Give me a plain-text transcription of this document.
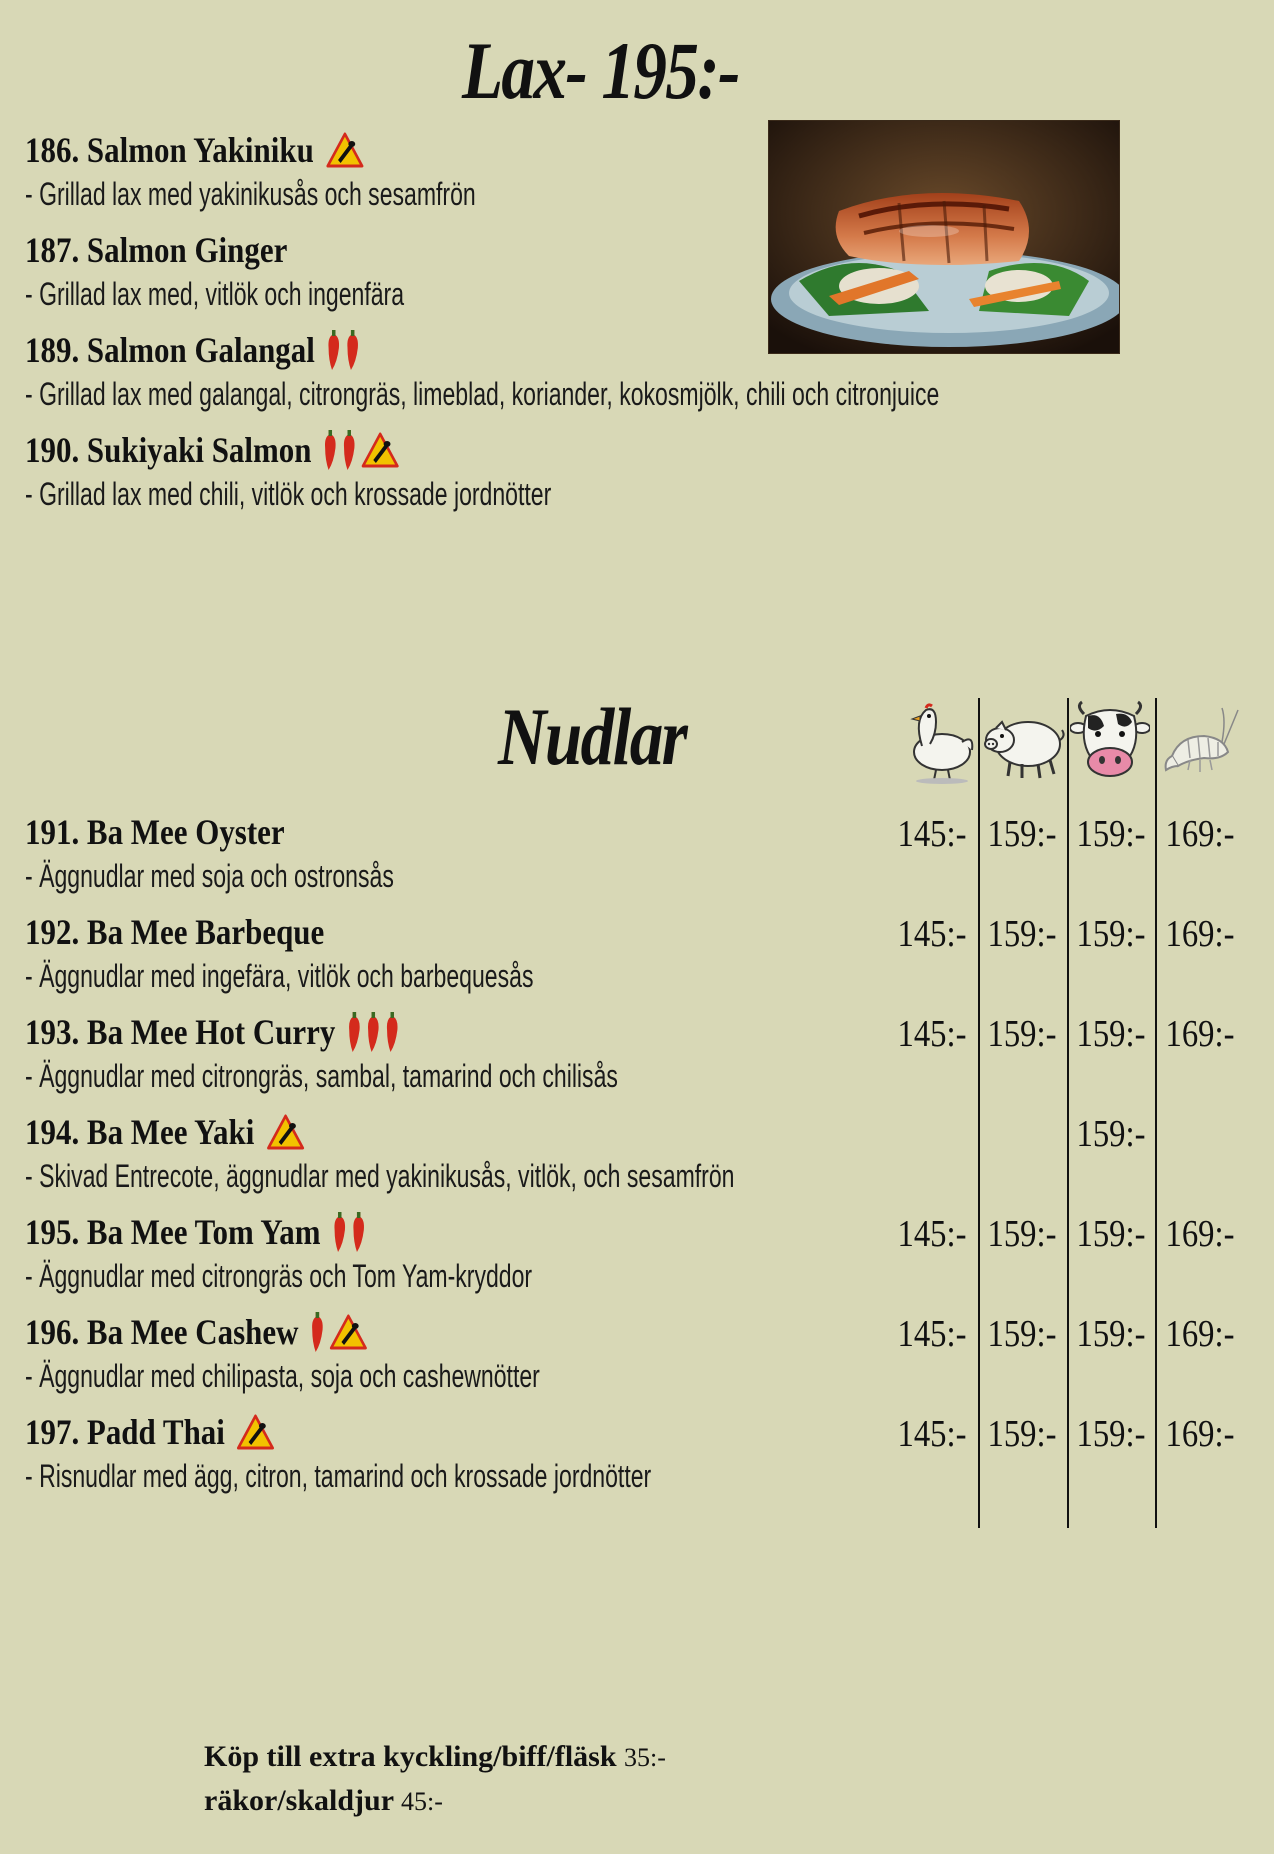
Lax- 195:-
186. Salmon Yakiniku
- Grillad lax med yakinikusås och sesamfrön
187. Salmon Ginger
- Grillad lax med, vitlök och ingenfära
189. Salmon Galangal
- Grillad lax med galangal, citrongräs, limeblad, koriander, kokosmjölk, chili och citronjuice
190. Sukiyaki Salmon
- Grillad lax med chili, vitlök och krossade jordnötter
Nudlar
191. Ba Mee Oyster
- Äggnudlar med soja och ostronsås
145:- 159:- 159:- 169:-
192. Ba Mee Barbeque
- Äggnudlar med ingefära, vitlök och barbequesås
145:- 159:- 159:- 169:-
193. Ba Mee Hot Curry
- Äggnudlar med citrongräs, sambal, tamarind och chilisås
145:- 159:- 159:- 169:-
194. Ba Mee Yaki
- Skivad Entrecote, äggnudlar med yakinikusås, vitlök, och sesamfrön
159:-
195. Ba Mee Tom Yam
- Äggnudlar med citrongräs och Tom Yam-kryddor
145:- 159:- 159:- 169:-
196. Ba Mee Cashew
- Äggnudlar med chilipasta, soja och cashewnötter
145:- 159:- 159:- 169:-
197. Padd Thai
- Risnudlar med ägg, citron, tamarind och krossade jordnötter
145:- 159:- 159:- 169:-
Köp till extra kyckling/biff/fläsk 35:-
räkor/skaldjur 45:-
